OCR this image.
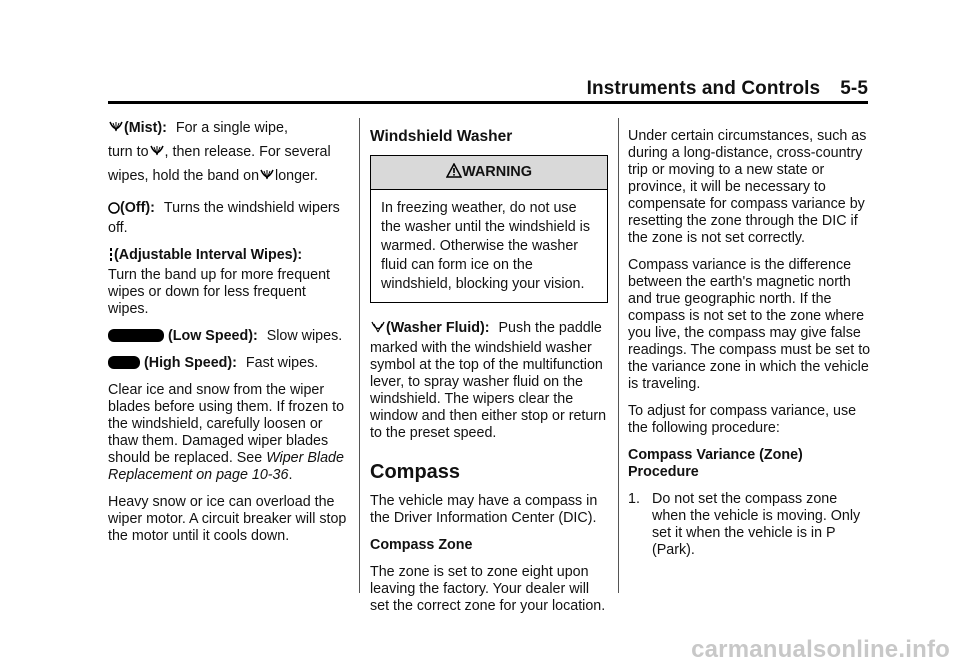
Instruments and Controls 5-5

(Mist): For a single wipe,
turn to , then release. For several
wipes, hold the band on longer.

(Off): Turns the windshield wipers off.

(Adjustable Interval Wipes):
Turn the band up for more frequent wipes or down for less frequent wipes.

(Low Speed): Slow wipes.

(High Speed): Fast wipes.

Clear ice and snow from the wiper blades before using them. If frozen to the windshield, carefully loosen or thaw them. Damaged wiper blades should be replaced. See Wiper Blade Replacement on page 10-36.

Heavy snow or ice can overload the wiper motor. A circuit breaker will stop the motor until it cools down.

Windshield Washer
WARNING
In freezing weather, do not use the washer until the windshield is warmed. Otherwise the washer fluid can form ice on the windshield, blocking your vision.

(Washer Fluid): Push the paddle marked with the windshield washer symbol at the top of the multifunction lever, to spray washer fluid on the windshield. The wipers clear the window and then either stop or return to the preset speed.

Compass

The vehicle may have a compass in the Driver Information Center (DIC).

Compass Zone

The zone is set to zone eight upon leaving the factory. Your dealer will set the correct zone for your location.

Under certain circumstances, such as during a long-distance, cross-country trip or moving to a new state or province, it will be necessary to compensate for compass variance by resetting the zone through the DIC if the zone is not set correctly.

Compass variance is the difference between the earth's magnetic north and true geographic north. If the compass is not set to the zone where you live, the compass may give false readings. The compass must be set to the variance zone in which the vehicle is traveling.

To adjust for compass variance, use the following procedure:

Compass Variance (Zone) Procedure

1. Do not set the compass zone when the vehicle is moving. Only set it when the vehicle is in P (Park).
carmanualsonline.info
